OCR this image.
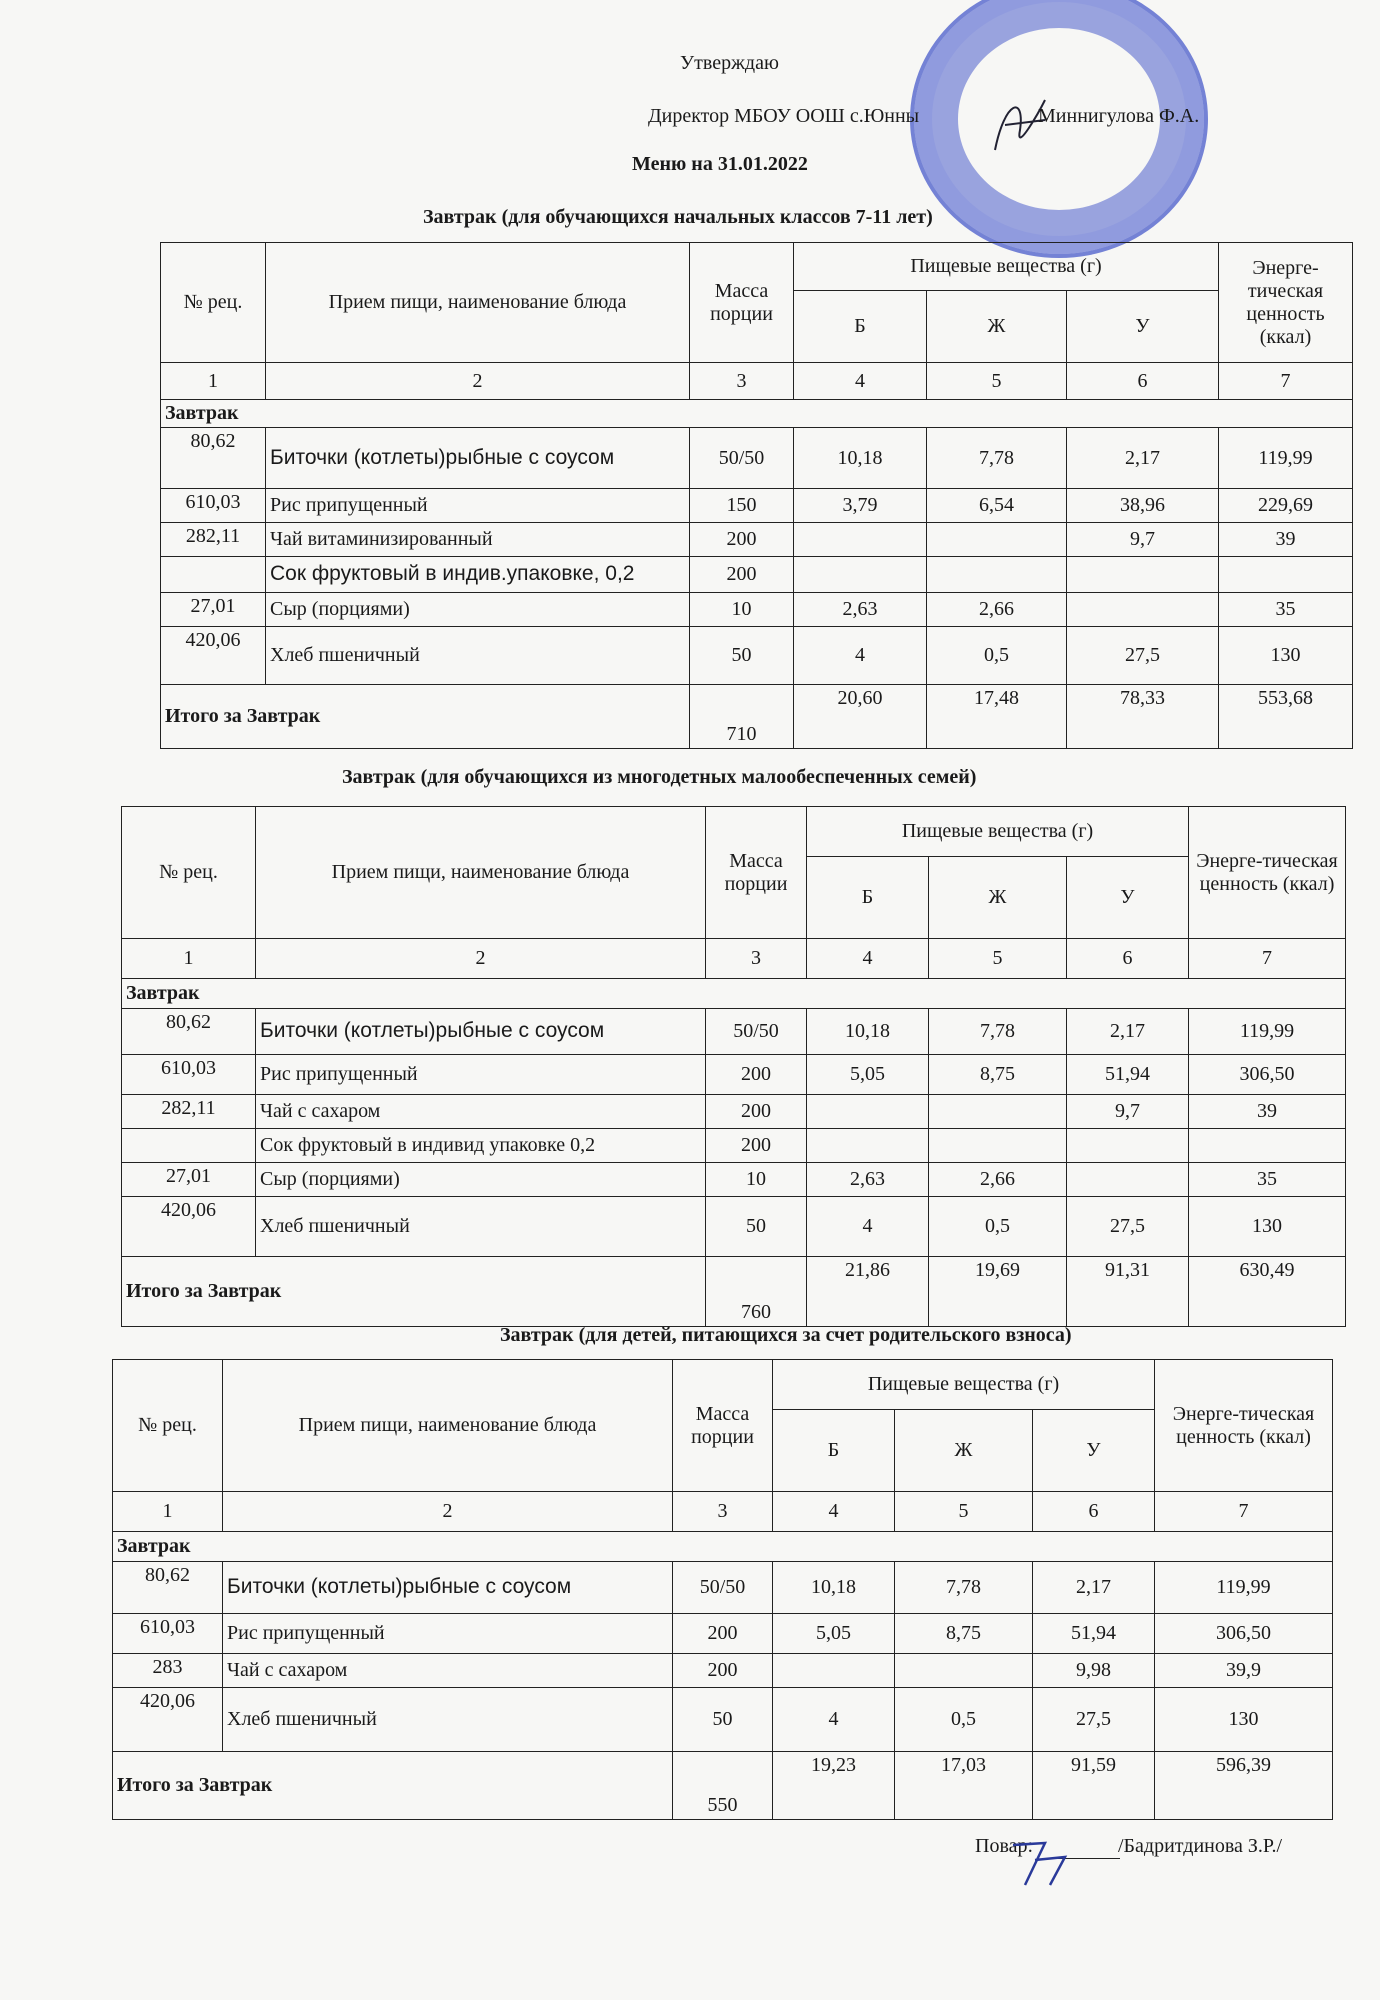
Утверждаю
Директор МБОУ ООШ с.Юнны	Миннигулова Ф.А.
Меню на 31.01.2022
Завтрак (для обучающихся начальных классов 7-11 лет)
Завтрак (для обучающихся из многодетных малообеспеченных семей)
Завтрак (для детей, питающихся за счет родительского взноса)
№ рец.	Прием пищи, наименование блюда	Масса порции	Пищевые вещества (г)			Энерге-тическая ценность (ккал)
			Б	Ж	У	
1	2	3	4	5	6	7
Завтрак						
80,62	Биточки (котлеты)рыбные с соусом	50/50	10,18	7,78	2,17	119,99
610,03	Рис припущенный	150	3,79	6,54	38,96	229,69
282,11	Чай витаминизированный	200			9,7	39
	Сок фруктовый в индив.упаковке, 0,2	200				
27,01	Сыр (порциями)	10	2,63	2,66		35
420,06	Хлеб пшеничный	50	4	0,5	27,5	130
Итого за Завтрак		710	20,60	17,48	78,33	553,68
№ рец.	Прием пищи, наименование блюда	Масса порции	Пищевые вещества (г)			Энерге-тическая ценность (ккал)
			Б	Ж	У	
1	2	3	4	5	6	7
Завтрак						
80,62	Биточки (котлеты)рыбные с соусом	50/50	10,18	7,78	2,17	119,99
610,03	Рис припущенный	200	5,05	8,75	51,94	306,50
282,11	Чай с сахаром	200			9,7	39
	Сок фруктовый в индивид упаковке 0,2	200				
27,01	Сыр (порциями)	10	2,63	2,66		35
420,06	Хлеб пшеничный	50	4	0,5	27,5	130
Итого за Завтрак		760	21,86	19,69	91,31	630,49
№ рец.	Прием пищи, наименование блюда	Масса порции	Пищевые вещества (г)			Энерге-тическая ценность (ккал)
			Б	Ж	У	
1	2	3	4	5	6	7
Завтрак						
80,62	Биточки (котлеты)рыбные с соусом	50/50	10,18	7,78	2,17	119,99
610,03	Рис припущенный	200	5,05	8,75	51,94	306,50
283	Чай с сахаром	200			9,98	39,9
420,06	Хлеб пшеничный	50	4	0,5	27,5	130
Итого за Завтрак		550	19,23	17,03	91,59	596,39
Повар:	/Бадритдинова З.Р./
